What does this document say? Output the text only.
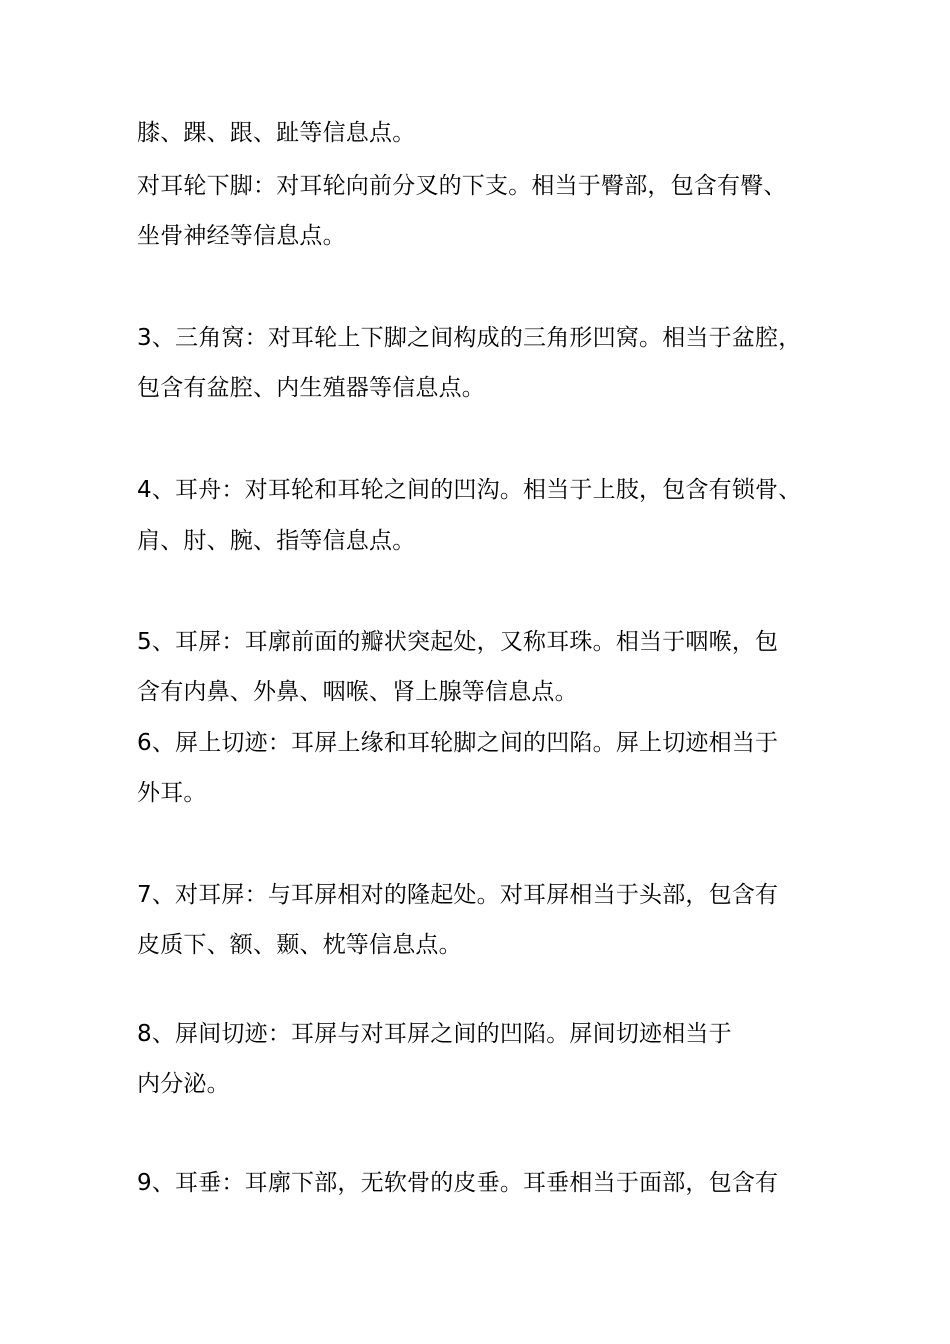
膝、踝、跟、趾等信息点。
对耳轮下脚：对耳轮向前分叉的下支。相当于臀部，包含有臀、
坐骨神经等信息点。
3、三角窝：对耳轮上下脚之间构成的三角形凹窝。相当于盆腔，
包含有盆腔、内生殖器等信息点。
4、耳舟：对耳轮和耳轮之间的凹沟。相当于上肢，包含有锁骨、
肩、肘、腕、指等信息点。
5、耳屏：耳廓前面的瓣状突起处，又称耳珠。相当于咽喉，包
含有内鼻、外鼻、咽喉、肾上腺等信息点。
6、屏上切迹：耳屏上缘和耳轮脚之间的凹陷。屏上切迹相当于
外耳。
7、对耳屏：与耳屏相对的隆起处。对耳屏相当于头部，包含有
皮质下、额、颞、枕等信息点。
8、屏间切迹：耳屏与对耳屏之间的凹陷。屏间切迹相当于
内分泌。
9、耳垂：耳廓下部，无软骨的皮垂。耳垂相当于面部，包含有
